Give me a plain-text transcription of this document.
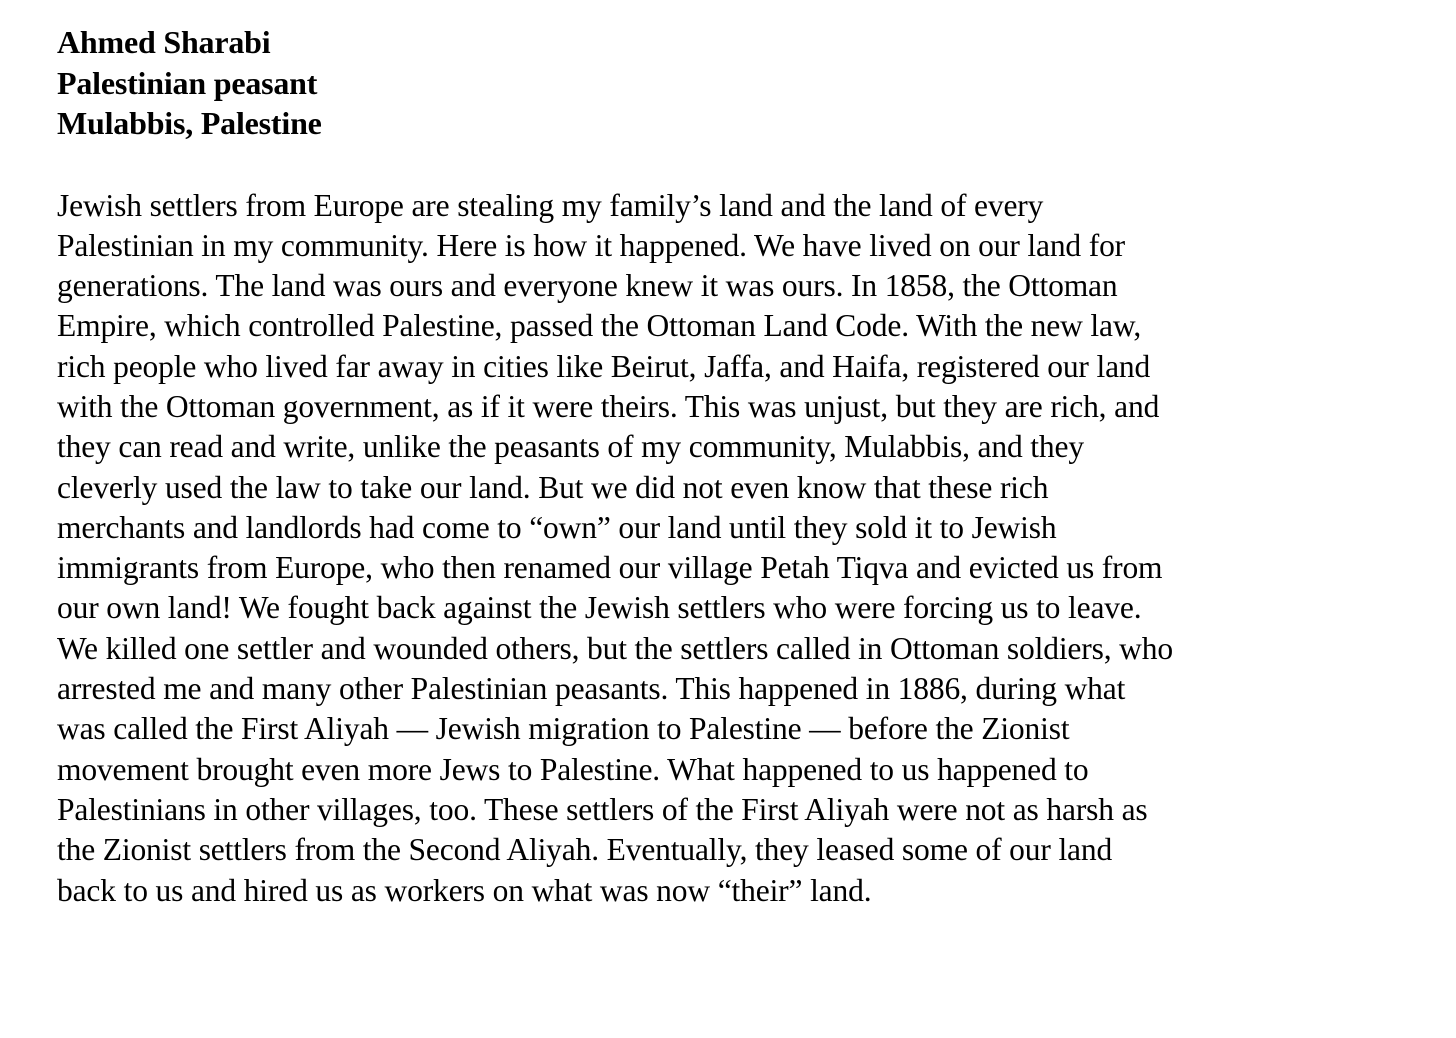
Ahmed Sharabi
Palestinian peasant
Mulabbis, Palestine

Jewish settlers from Europe are stealing my family’s land and the land of every
Palestinian in my community. Here is how it happened. We have lived on our land for
generations. The land was ours and everyone knew it was ours. In 1858, the Ottoman
Empire, which controlled Palestine, passed the Ottoman Land Code. With the new law,
rich people who lived far away in cities like Beirut, Jaffa, and Haifa, registered our land
with the Ottoman government, as if it were theirs. This was unjust, but they are rich, and
they can read and write, unlike the peasants of my community, Mulabbis, and they
cleverly used the law to take our land. But we did not even know that these rich
merchants and landlords had come to “own” our land until they sold it to Jewish
immigrants from Europe, who then renamed our village Petah Tiqva and evicted us from
our own land! We fought back against the Jewish settlers who were forcing us to leave.
We killed one settler and wounded others, but the settlers called in Ottoman soldiers, who
arrested me and many other Palestinian peasants. This happened in 1886, during what
was called the First Aliyah — Jewish migration to Palestine — before the Zionist
movement brought even more Jews to Palestine. What happened to us happened to
Palestinians in other villages, too. These settlers of the First Aliyah were not as harsh as
the Zionist settlers from the Second Aliyah. Eventually, they leased some of our land
back to us and hired us as workers on what was now “their” land.
